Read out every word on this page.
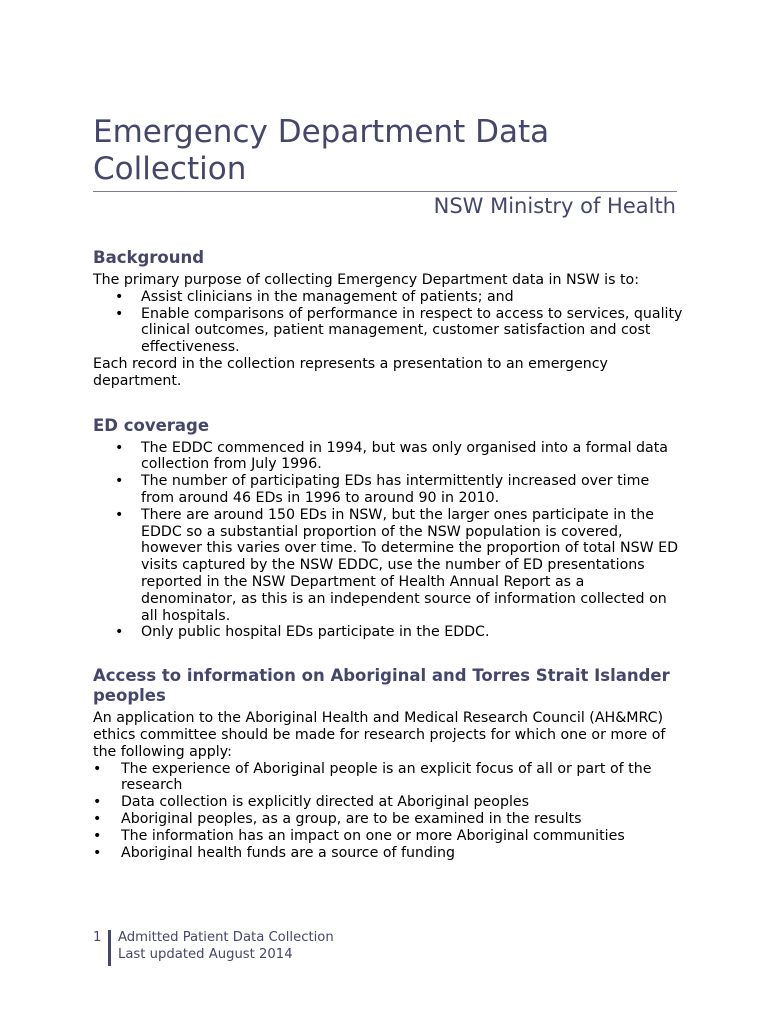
Emergency Department Data Collection
NSW Ministry of Health
Background

The primary purpose of collecting Emergency Department data in NSW is to:

• Assist clinicians in the management of patients; and
• Enable comparisons of performance in respect to access to services, quality clinical outcomes, patient management, customer satisfaction and cost effectiveness.

Each record in the collection represents a presentation to an emergency department.

ED coverage
• The EDDC commenced in 1994, but was only organised into a formal data collection from July 1996.
• The number of participating EDs has intermittently increased over time from around 46 EDs in 1996 to around 90 in 2010.
• There are around 150 EDs in NSW, but the larger ones participate in the EDDC so a substantial proportion of the NSW population is covered, however this varies over time. To determine the proportion of total NSW ED visits captured by the NSW EDDC, use the number of ED presentations reported in the NSW Department of Health Annual Report as a denominator, as this is an independent source of information collected on all hospitals.
• Only public hospital EDs participate in the EDDC.
Access to information on Aboriginal and Torres Strait Islander peoples

An application to the Aboriginal Health and Medical Research Council (AH&MRC) ethics committee should be made for research projects for which one or more of the following apply:

• The experience of Aboriginal people is an explicit focus of all or part of the research
• Data collection is explicitly directed at Aboriginal peoples
• Aboriginal peoples, as a group, are to be examined in the results
• The information has an impact on one or more Aboriginal communities
• Aboriginal health funds are a source of funding
1 Admitted Patient Data Collection
Last updated August 2014
